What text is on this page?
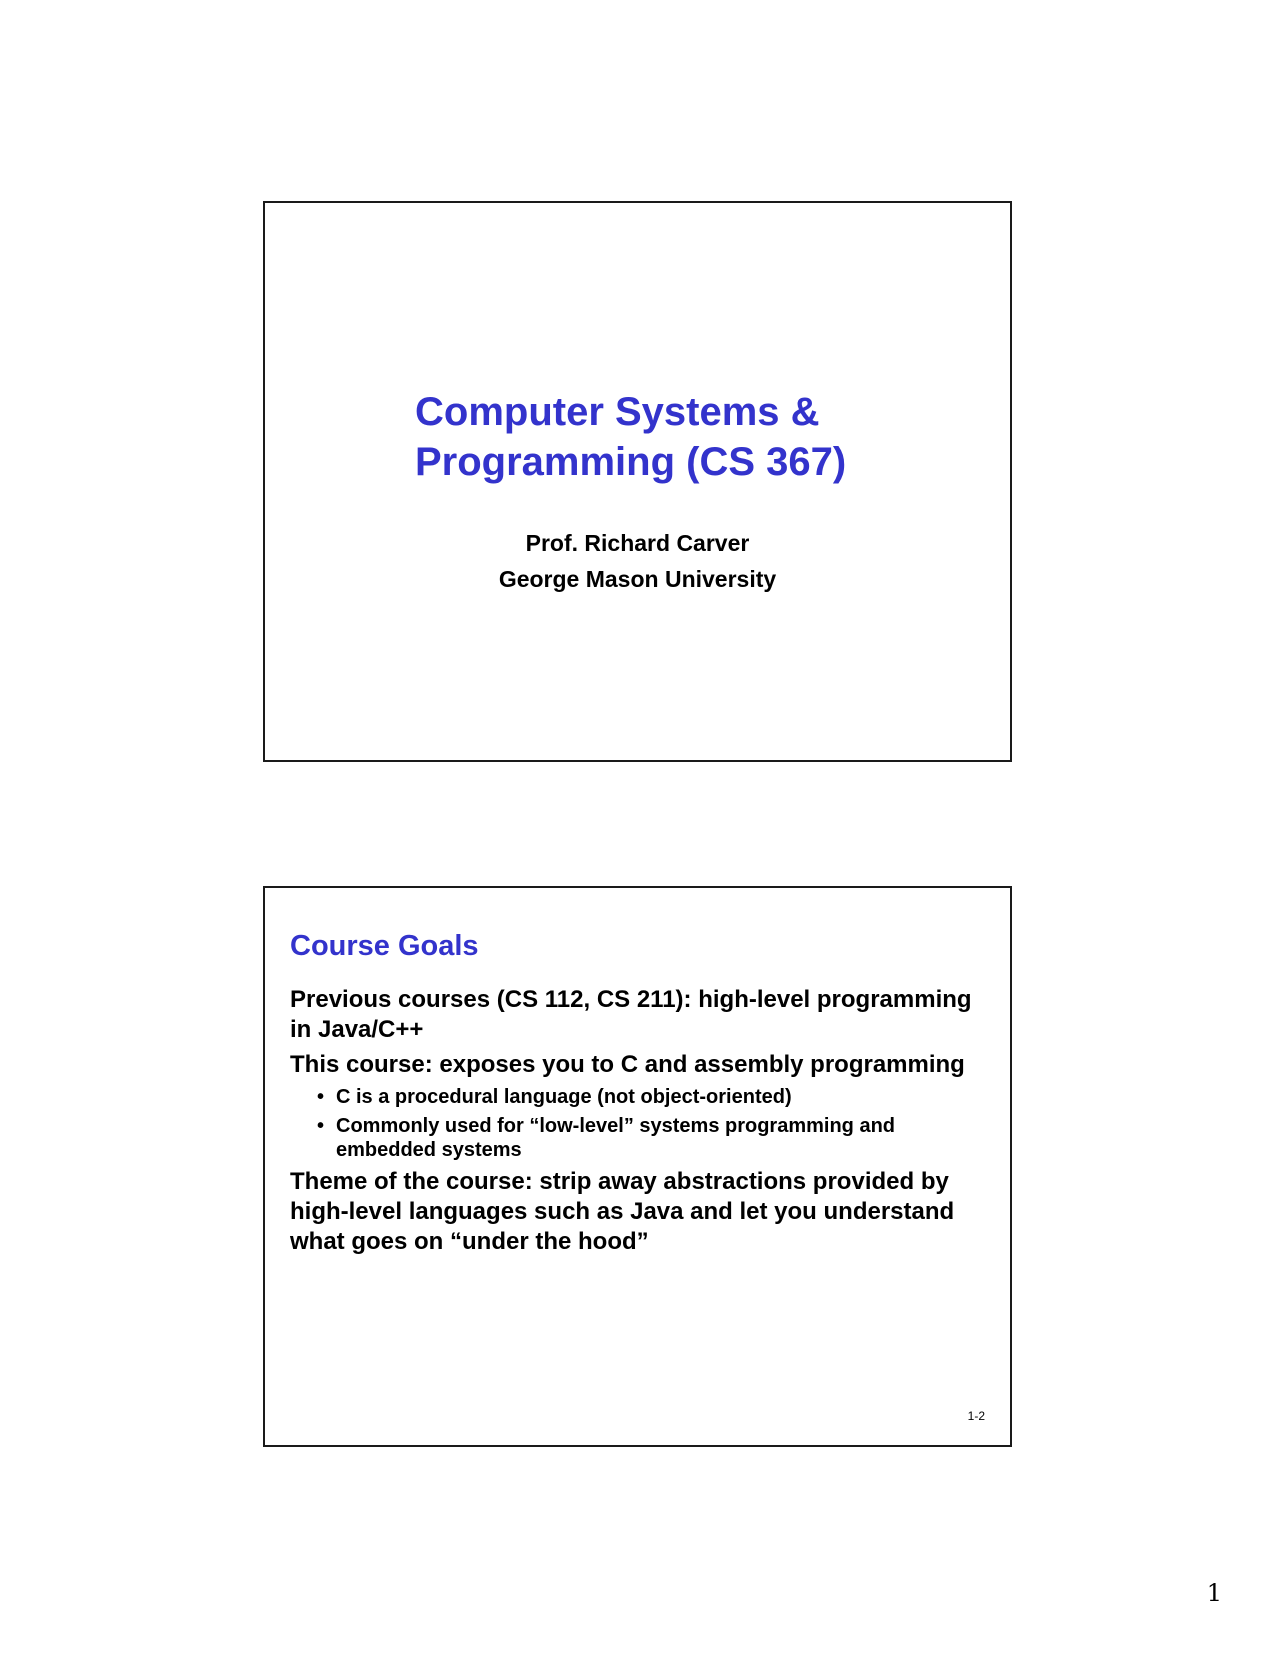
Computer Systems &
Programming (CS 367)
Prof. Richard Carver
George Mason University
Course Goals
Previous courses (CS 112, CS 211): high-level programming in Java/C++
This course: exposes you to C and assembly programming
• C is a procedural language (not object-oriented)
• Commonly used for “low-level” systems programming and embedded systems
Theme of the course: strip away abstractions provided by high-level languages such as Java and let you understand what goes on “under the hood”
1-2
1
